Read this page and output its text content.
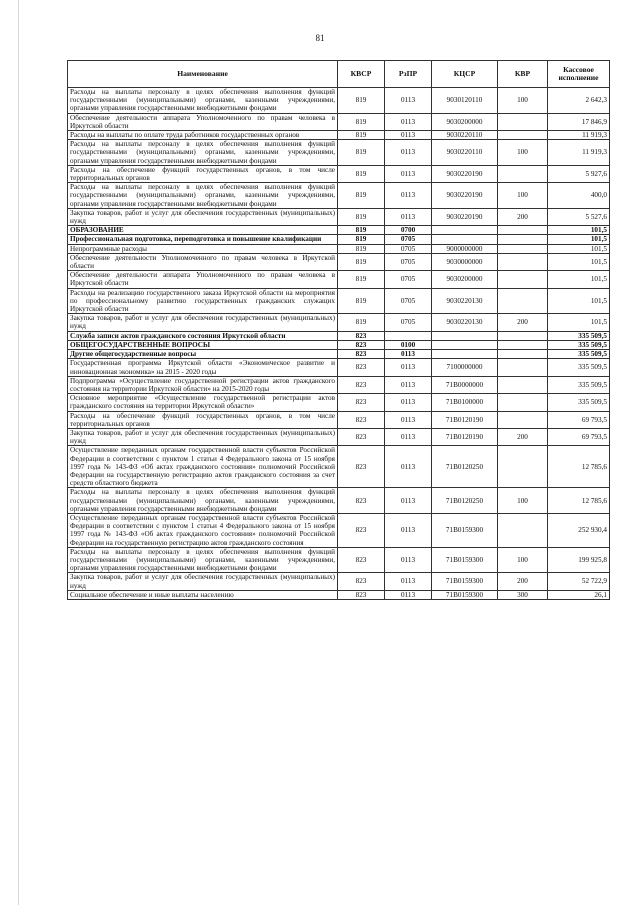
81
Наименование	КВСР	РзПР	КЦСР	КВР	Кассовое исполнение
Расходы на выплаты персоналу в целях обеспечения выполнения функций государственными (муниципальными) органами, казенными учреждениями, органами управления государственными внебюджетными фондами	819	0113	9030120110	100	2 642,3
Обеспечение деятельности аппарата Уполномоченного по правам человека в Иркутской области	819	0113	9030200000		17 846,9
Расходы на выплаты по оплате труда работников государственных органов	819	0113	9030220110		11 919,3
Расходы на выплаты персоналу в целях обеспечения выполнения функций государственными (муниципальными) органами, казенными учреждениями, органами управления государственными внебюджетными фондами	819	0113	9030220110	100	11 919,3
Расходы на обеспечение функций государственных органов, в том числе территориальных органов	819	0113	9030220190		5 927,6
Расходы на выплаты персоналу в целях обеспечения выполнения функций государственными (муниципальными) органами, казенными учреждениями, органами управления государственными внебюджетными фондами	819	0113	9030220190	100	400,0
Закупка товаров, работ и услуг для обеспечения государственных (муниципальных) нужд	819	0113	9030220190	200	5 527,6
ОБРАЗОВАНИЕ	819	0700			101,5
Профессиональная подготовка, переподготовка и повышение квалификации	819	0705			101,5
Непрограммные расходы	819	0705	9000000000		101,5
Обеспечение деятельности Уполномоченного по правам человека в Иркутской области	819	0705	9030000000		101,5
Обеспечение деятельности аппарата Уполномоченного по правам человека в Иркутской области	819	0705	9030200000		101,5
Расходы на реализацию государственного заказа Иркутской области на мероприятия по профессиональному развитию государственных гражданских служащих Иркутской области	819	0705	9030220130		101,5
Закупка товаров, работ и услуг для обеспечения государственных (муниципальных) нужд	819	0705	9030220130	200	101,5
Служба записи актов гражданского состояния Иркутской области	823				335 509,5
ОБЩЕГОСУДАРСТВЕННЫЕ ВОПРОСЫ	823	0100			335 509,5
Другие общегосударственные вопросы	823	0113			335 509,5
Государственная программа Иркутской области «Экономическое развитие и инновационная экономика» на 2015 - 2020 годы	823	0113	7100000000		335 509,5
Подпрограмма «Осуществление государственной регистрации актов гражданского состояния на территории Иркутской области» на 2015-2020 годы	823	0113	71В0000000		335 509,5
Основное мероприятие «Осуществление государственной регистрации актов гражданского состояния на территории Иркутской области»	823	0113	71В0100000		335 509,5
Расходы на обеспечение функций государственных органов, в том числе территориальных органов	823	0113	71В0120190		69 793,5
Закупка товаров, работ и услуг для обеспечения государственных (муниципальных) нужд	823	0113	71В0120190	200	69 793,5
Осуществление переданных органам государственной власти субъектов Российской Федерации в соответствии с пунктом 1 статьи 4 Федерального закона от 15 ноября 1997 года № 143-ФЗ «Об актах гражданского состояния» полномочий Российской Федерации на государственную регистрацию актов гражданского состояния за счет средств областного бюджета	823	0113	71В0120250		12 785,6
Расходы на выплаты персоналу в целях обеспечения выполнения функций государственными (муниципальными) органами, казенными учреждениями, органами управления государственными внебюджетными фондами	823	0113	71В0120250	100	12 785,6
Осуществление переданных органам государственной власти субъектов Российской Федерации в соответствии с пунктом 1 статьи 4 Федерального закона от 15 ноября 1997 года № 143-ФЗ «Об актах гражданского состояния» полномочий Российской Федерации на государственную регистрацию актов гражданского состояния	823	0113	71В0159300		252 930,4
Расходы на выплаты персоналу в целях обеспечения выполнения функций государственными (муниципальными) органами, казенными учреждениями, органами управления государственными внебюджетными фондами	823	0113	71В0159300	100	199 925,8
Закупка товаров, работ и услуг для обеспечения государственных (муниципальных) нужд	823	0113	71В0159300	200	52 722,9
Социальное обеспечение и иные выплаты населению	823	0113	71В0159300	300	26,1
